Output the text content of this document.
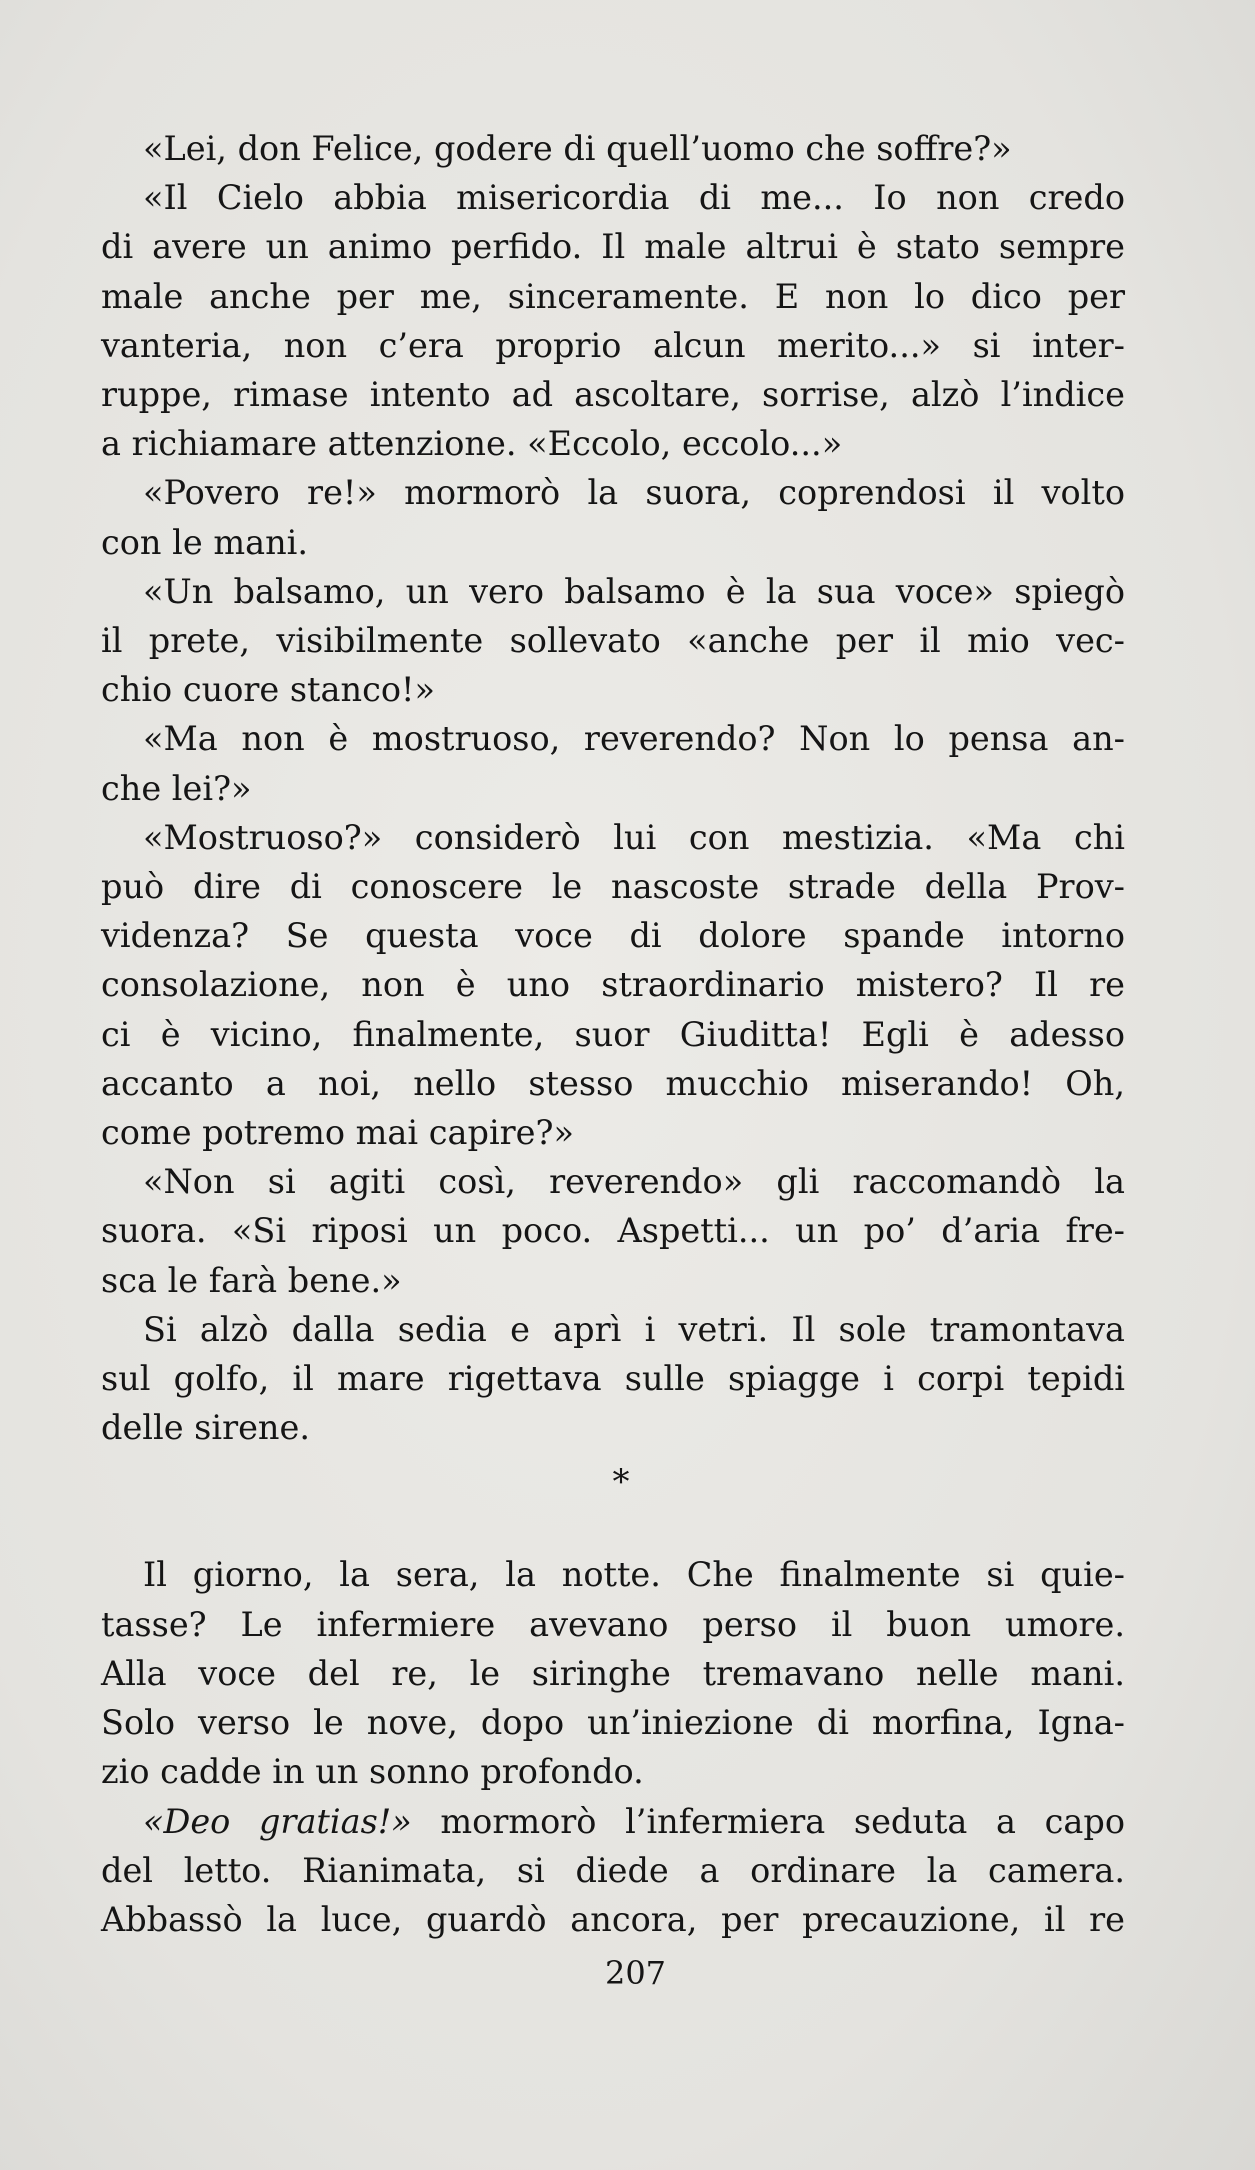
«Lei, don Felice, godere di quell’uomo che soffre?»

«Il Cielo abbia misericordia di me... Io non credo
di avere un animo perfido. Il male altrui è stato sempre
male anche per me, sinceramente. E non lo dico per
vanteria, non c’era proprio alcun merito...» si inter-
ruppe, rimase intento ad ascoltare, sorrise, alzò l’indice
a richiamare attenzione. «Eccolo, eccolo...»

«Povero re!» mormorò la suora, coprendosi il volto
con le mani.

«Un balsamo, un vero balsamo è la sua voce» spiegò
il prete, visibilmente sollevato «anche per il mio vec-
chio cuore stanco!»

«Ma non è mostruoso, reverendo? Non lo pensa an-
che lei?»

«Mostruoso?» considerò lui con mestizia. «Ma chi
può dire di conoscere le nascoste strade della Prov-
videnza? Se questa voce di dolore spande intorno
consolazione, non è uno straordinario mistero? Il re
ci è vicino, finalmente, suor Giuditta! Egli è adesso
accanto a noi, nello stesso mucchio miserando! Oh,
come potremo mai capire?»

«Non si agiti così, reverendo» gli raccomandò la
suora. «Si riposi un poco. Aspetti... un po’ d’aria fre-
sca le farà bene.»

Si alzò dalla sedia e aprì i vetri. Il sole tramontava
sul golfo, il mare rigettava sulle spiagge i corpi tepidi
delle sirene.

*

Il giorno, la sera, la notte. Che finalmente si quie-
tasse? Le infermiere avevano perso il buon umore.
Alla voce del re, le siringhe tremavano nelle mani.
Solo verso le nove, dopo un’iniezione di morfina, Igna-
zio cadde in un sonno profondo.

«Deo gratias!» mormorò l’infermiera seduta a capo
del letto. Rianimata, si diede a ordinare la camera.
Abbassò la luce, guardò ancora, per precauzione, il re

207
